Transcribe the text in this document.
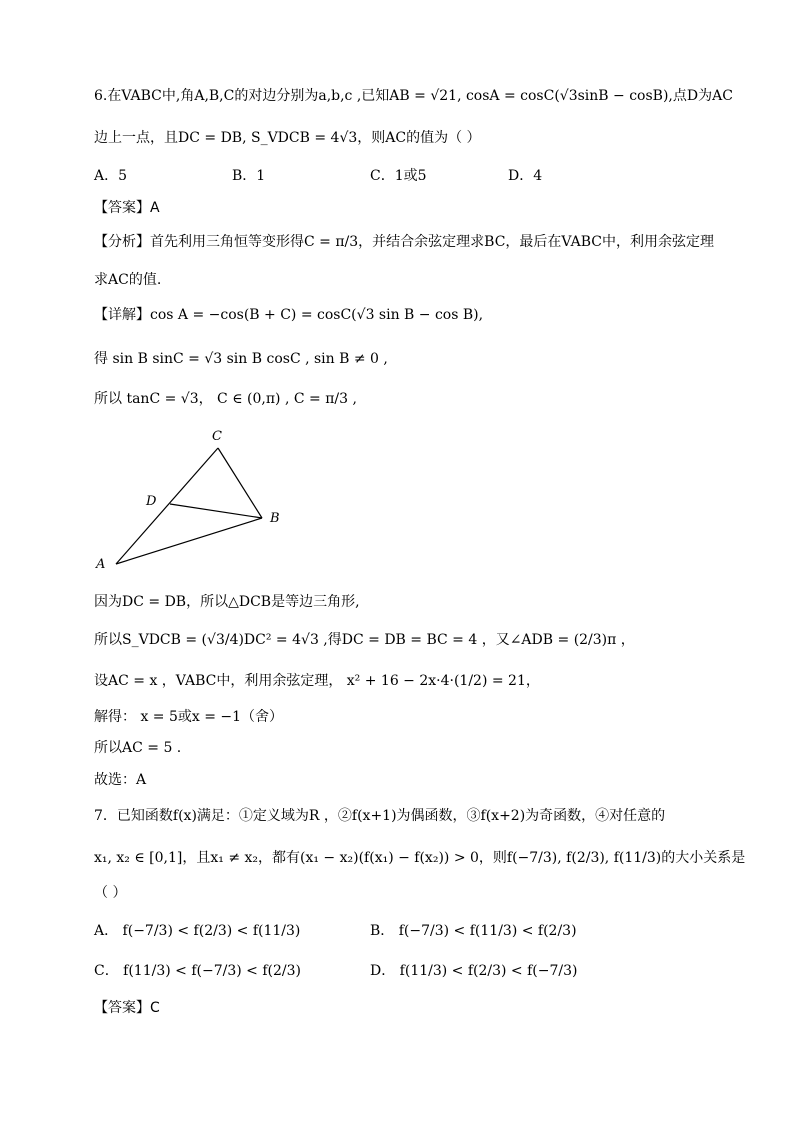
6.在VABC中,角A,B,C的对边分别为a,b,c ,已知AB = √21, cosA = cosC(√3sinB − cosB),点D为AC
边上一点，且DC = DB, S_VDCB = 4√3，则AC的值为（ ）
A．5	B．1	C．1或5	D．4
【答案】A
【分析】首先利用三角恒等变形得C = π/3，并结合余弦定理求BC，最后在VABC中，利用余弦定理
求AC的值.
【详解】cos A = −cos(B + C) = cosC(√3 sin B − cos B),
得 sin B sinC = √3 sin B cosC , sin B ≠ 0 ,
所以 tanC = √3， C ∈ (0,π) , C = π/3 ,
C
D
B
A
因为DC = DB，所以△DCB是等边三角形,
所以S_VDCB = (√3/4)DC² = 4√3 ,得DC = DB = BC = 4 ，又∠ADB = (2/3)π ，
设AC = x ，VABC中，利用余弦定理， x² + 16 − 2x·4·(1/2) = 21，
解得： x = 5或x = −1（舍）
所以AC = 5 .
故选：A
7．已知函数f(x)满足：①定义域为R ，②f(x+1)为偶函数，③f(x+2)为奇函数，④对任意的
x₁, x₂ ∈ [0,1]，且x₁ ≠ x₂，都有(x₁ − x₂)(f(x₁) − f(x₂)) > 0，则f(−7/3), f(2/3), f(11/3)的大小关系是
（ ）
A． f(−7/3) < f(2/3) < f(11/3)	B． f(−7/3) < f(11/3) < f(2/3)
C． f(11/3) < f(−7/3) < f(2/3)	D． f(11/3) < f(2/3) < f(−7/3)
【答案】C
